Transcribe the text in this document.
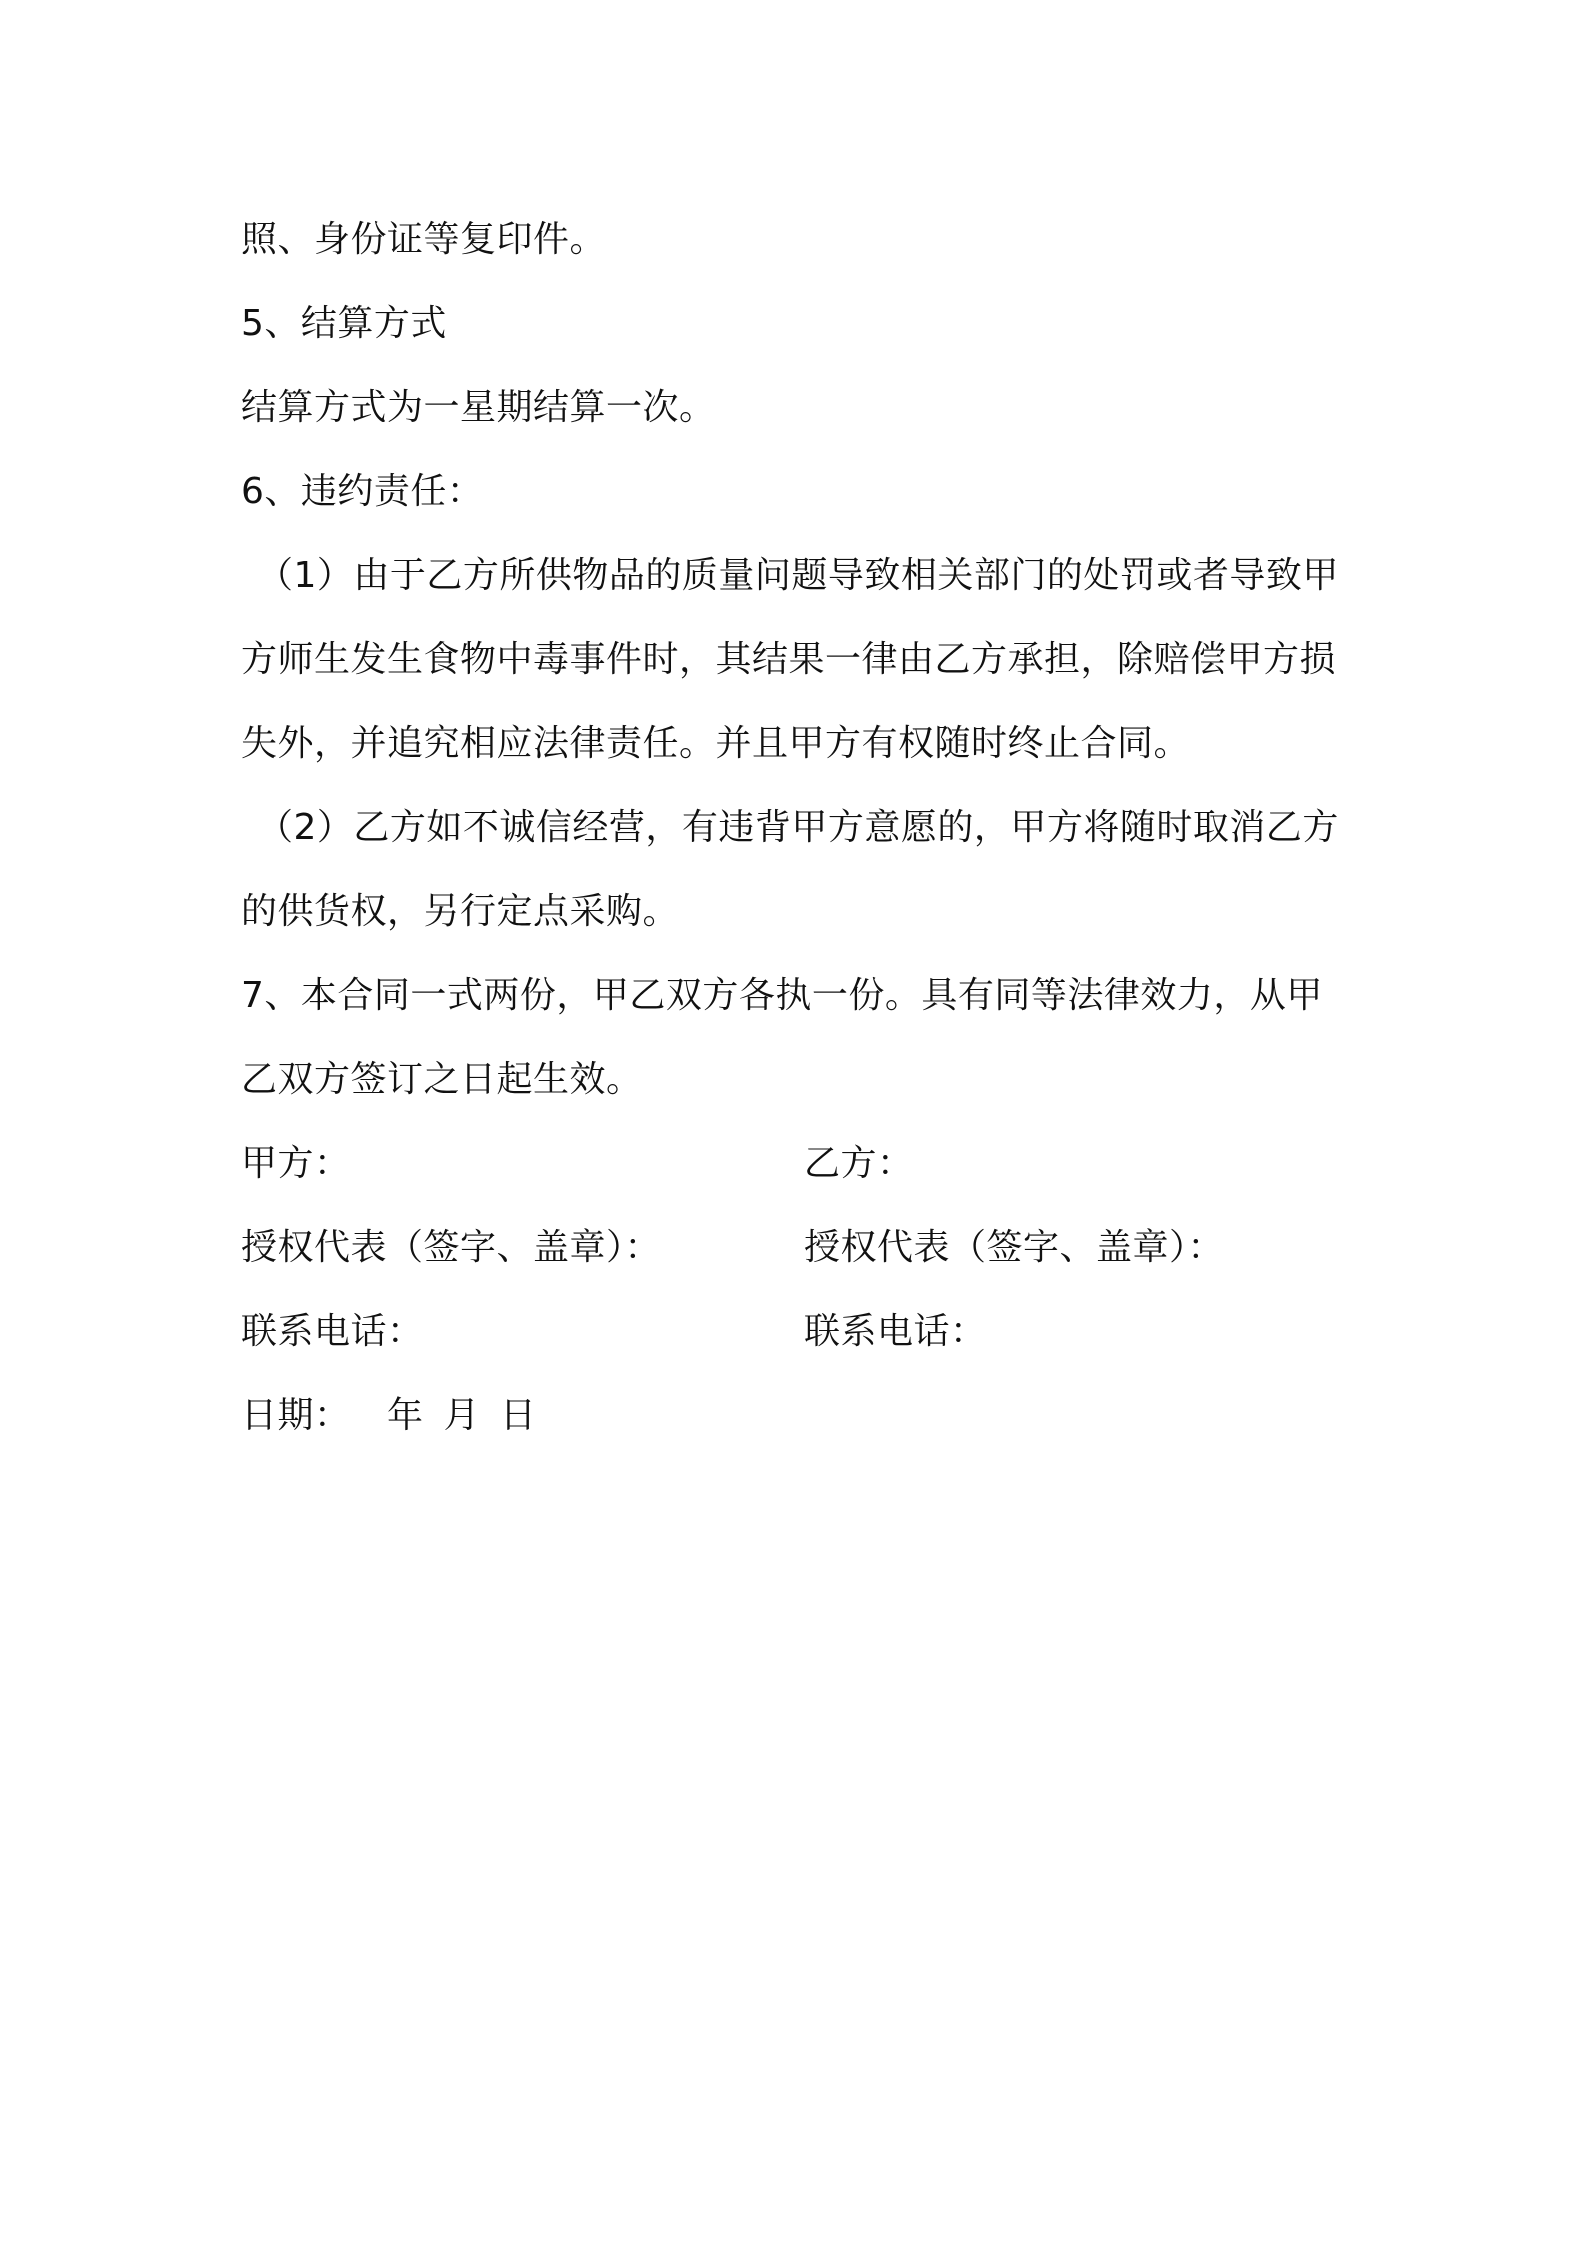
照、身份证等复印件。
5、结算方式
结算方式为一星期结算一次。
6、违约责任：
（1）由于乙方所供物品的质量问题导致相关部门的处罚或者导致甲
方师生发生食物中毒事件时，其结果一律由乙方承担，除赔偿甲方损
失外，并追究相应法律责任。并且甲方有权随时终止合同。
（2）乙方如不诚信经营，有违背甲方意愿的，甲方将随时取消乙方
的供货权，另行定点采购。
7、本合同一式两份，甲乙双方各执一份。具有同等法律效力，从甲
乙双方签订之日起生效。
甲方：	乙方：
授权代表（签字、盖章）：	授权代表（签字、盖章）：
联系电话：	联系电话：
日期： 年 月 日
